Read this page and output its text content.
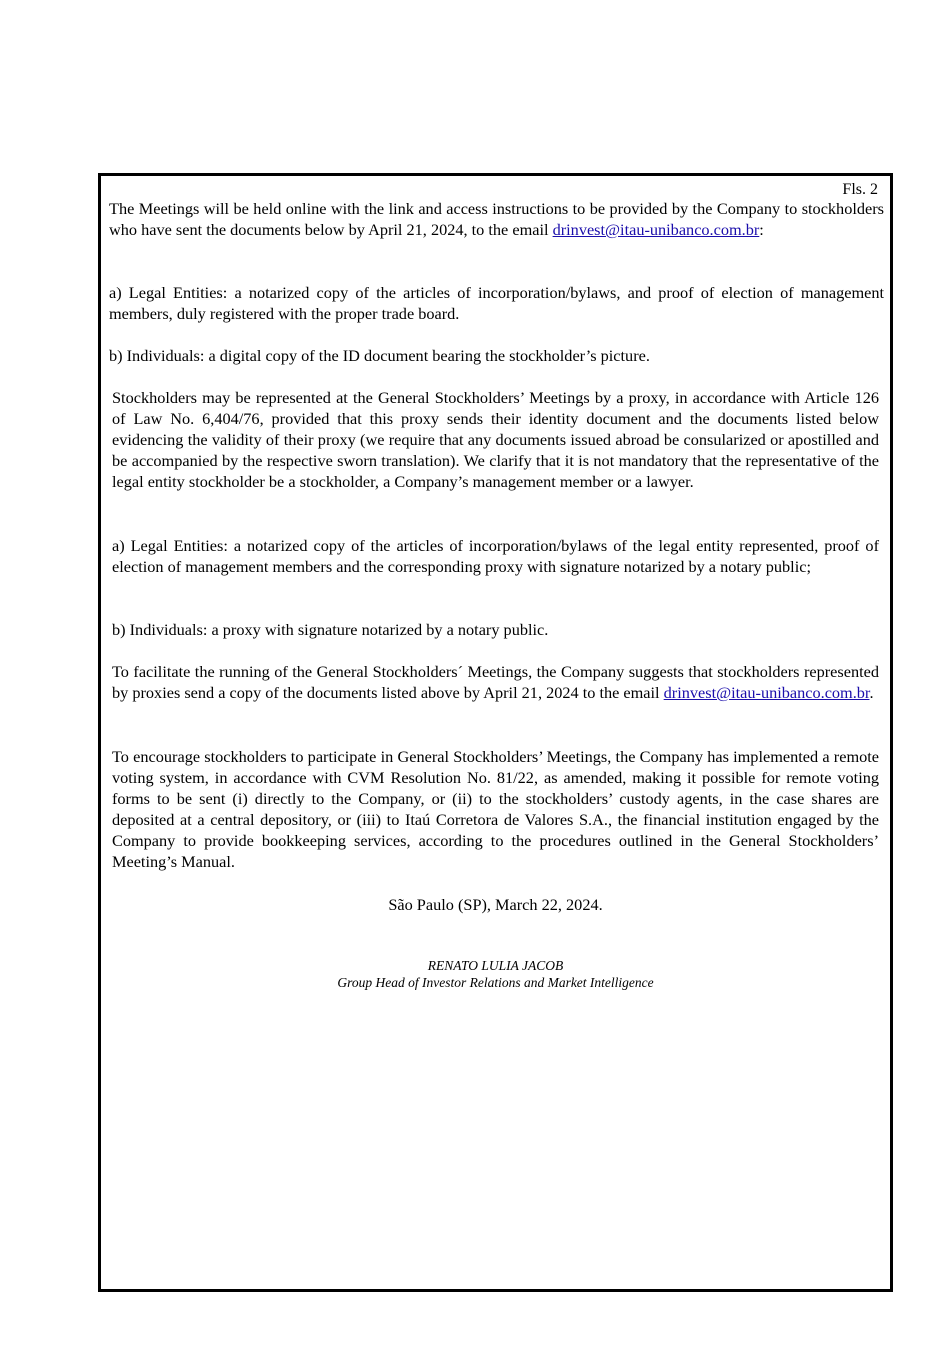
Fls. 2

The Meetings will be held online with the link and access instructions to be provided by the Company to stockholders who have sent the documents below by April 21, 2024, to the email drinvest@itau-unibanco.com.br:

a) Legal Entities: a notarized copy of the articles of incorporation/bylaws, and proof of election of management members, duly registered with the proper trade board.

b) Individuals: a digital copy of the ID document bearing the stockholder’s picture.

Stockholders may be represented at the General Stockholders’ Meetings by a proxy, in accordance with Article 126 of Law No. 6,404/76, provided that this proxy sends their identity document and the documents listed below evidencing the validity of their proxy (we require that any documents issued abroad be consularized or apostilled and be accompanied by the respective sworn translation). We clarify that it is not mandatory that the representative of the legal entity stockholder be a stockholder, a Company’s management member or a lawyer.

a) Legal Entities: a notarized copy of the articles of incorporation/bylaws of the legal entity represented, proof of election of management members and the corresponding proxy with signature notarized by a notary public;

b) Individuals: a proxy with signature notarized by a notary public.

To facilitate the running of the General Stockholders´ Meetings, the Company suggests that stockholders represented by proxies send a copy of the documents listed above by April 21, 2024 to the email drinvest@itau-unibanco.com.br.

To encourage stockholders to participate in General Stockholders’ Meetings, the Company has implemented a remote voting system, in accordance with CVM Resolution No. 81/22, as amended, making it possible for remote voting forms to be sent (i) directly to the Company, or (ii) to the stockholders’ custody agents, in the case shares are deposited at a central depository, or (iii) to Itaú Corretora de Valores S.A., the financial institution engaged by the Company to provide bookkeeping services, according to the procedures outlined in the General Stockholders’ Meeting’s Manual.

São Paulo (SP), March 22, 2024.

RENATO LULIA JACOB

Group Head of Investor Relations and Market Intelligence
